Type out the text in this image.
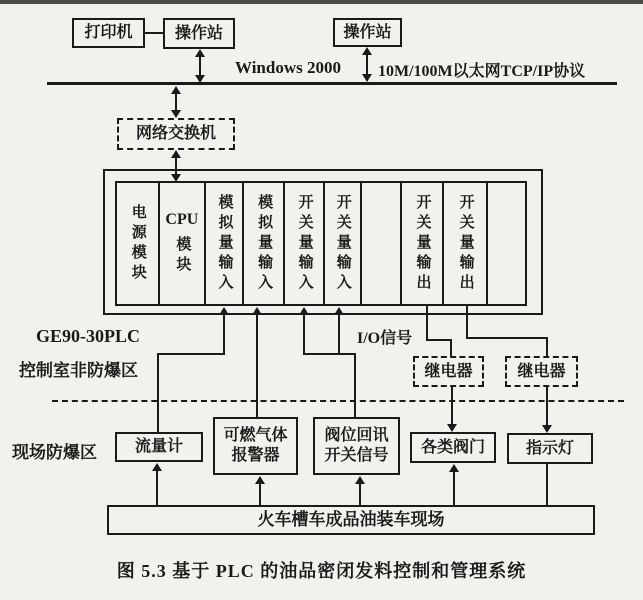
打印机	操作站	操作站
Windows 2000 10M/100M以太网TCP/IP协议
网络交换机
电源模块 CPU
模块 模拟量输入 模拟量输入 开关量输入 开关量输入	开关量输出 开关量输出
GE90-30PLC
控制室非防爆区
I/O信号
继电器	继电器
现场防爆区 流量计
可燃气体
报警器
阀位回讯
开关信号 各类阀门	指示灯
火车槽车成品油装车现场
图 5.3 基于 PLC 的油品密闭发料控制和管理系统
